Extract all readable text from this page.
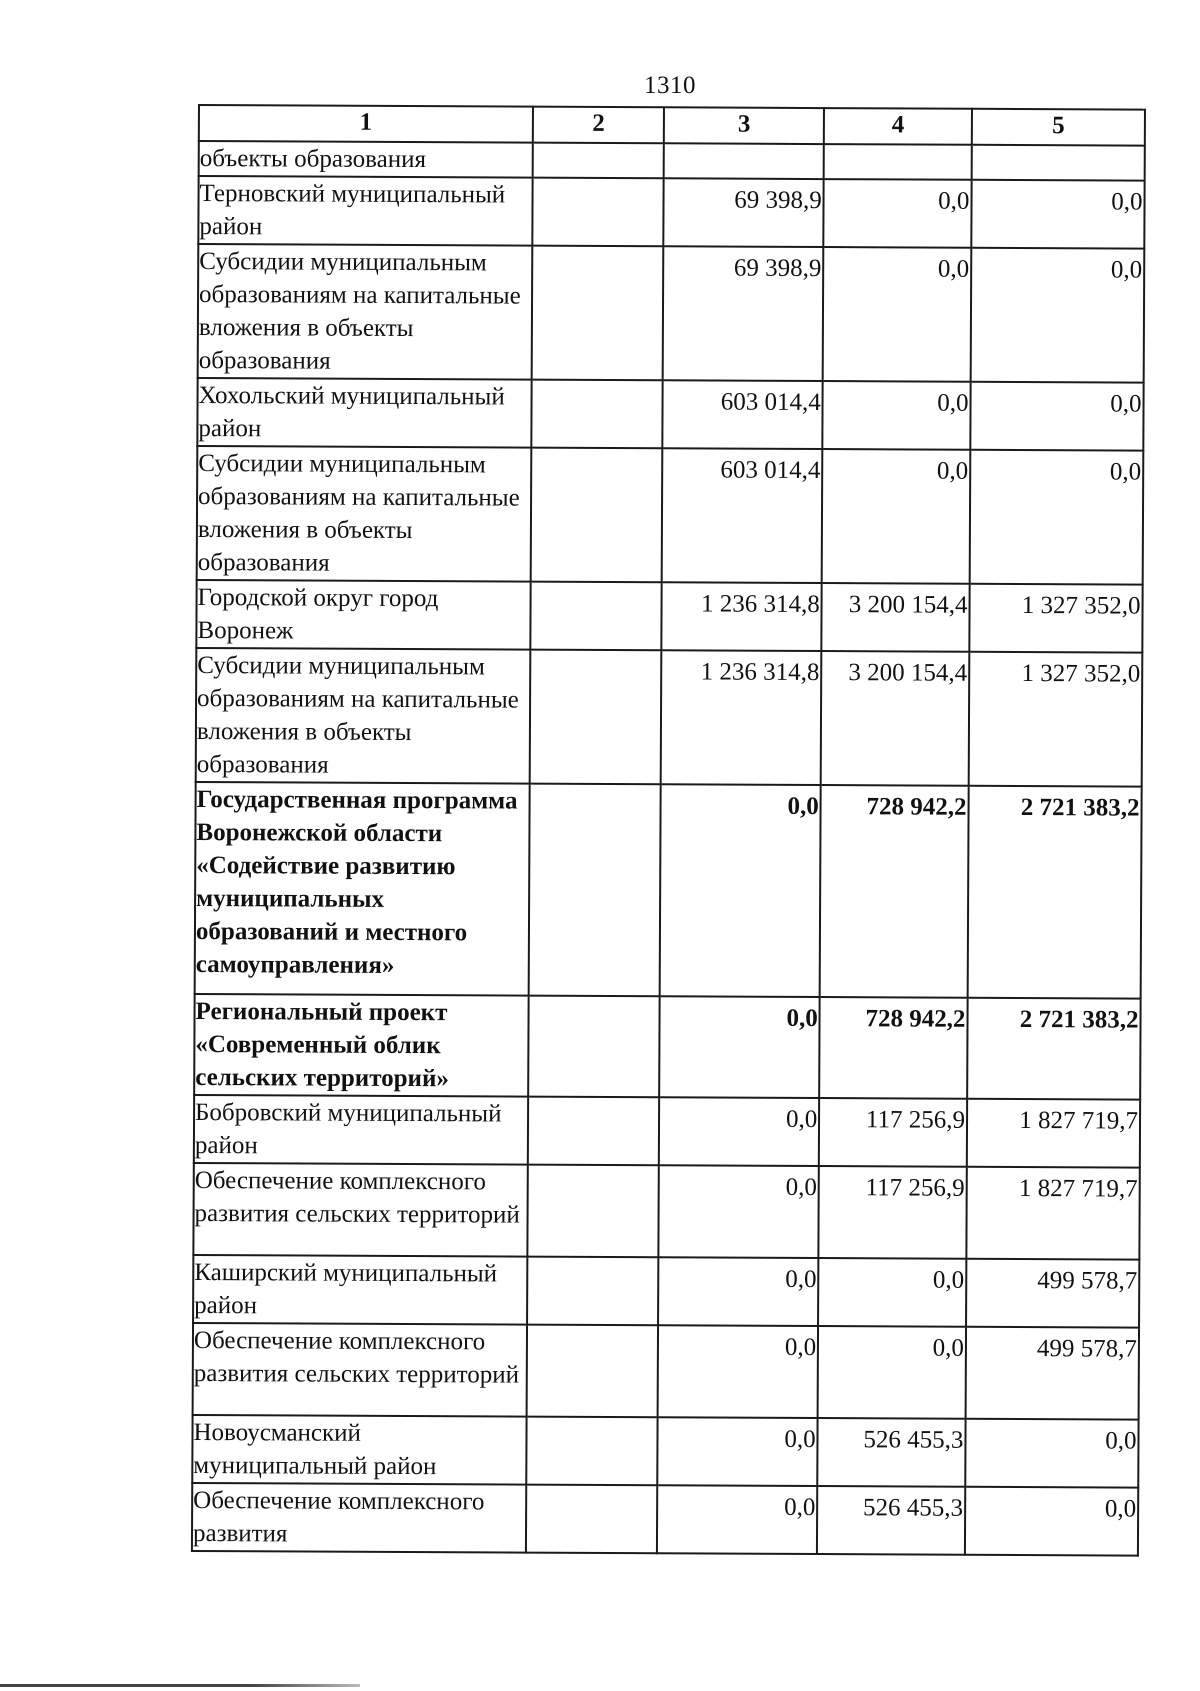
1310
1	2	3	4	5
объекты образования				
Терновский муниципальный район		69 398,9	0,0	0,0
Субсидии муниципальным образованиям на капитальные вложения в объекты образования		69 398,9	0,0	0,0
Хохольский муниципальный район		603 014,4	0,0	0,0
Субсидии муниципальным образованиям на капитальные вложения в объекты образования		603 014,4	0,0	0,0
Городской округ город Воронеж		1 236 314,8	3 200 154,4	1 327 352,0
Субсидии муниципальным образованиям на капитальные вложения в объекты образования		1 236 314,8	3 200 154,4	1 327 352,0
Государственная программа Воронежской области «Содействие развитию муниципальных образований и местного самоуправления»		0,0	728 942,2	2 721 383,2
Региональный проект «Современный облик сельских территорий»		0,0	728 942,2	2 721 383,2
Бобровский муниципальный район		0,0	117 256,9	1 827 719,7
Обеспечение комплексного развития сельских территорий		0,0	117 256,9	1 827 719,7
Каширский муниципальный район		0,0	0,0	499 578,7
Обеспечение комплексного развития сельских территорий		0,0	0,0	499 578,7
Новоусманский муниципальный район		0,0	526 455,3	0,0
Обеспечение комплексного развития		0,0	526 455,3	0,0
